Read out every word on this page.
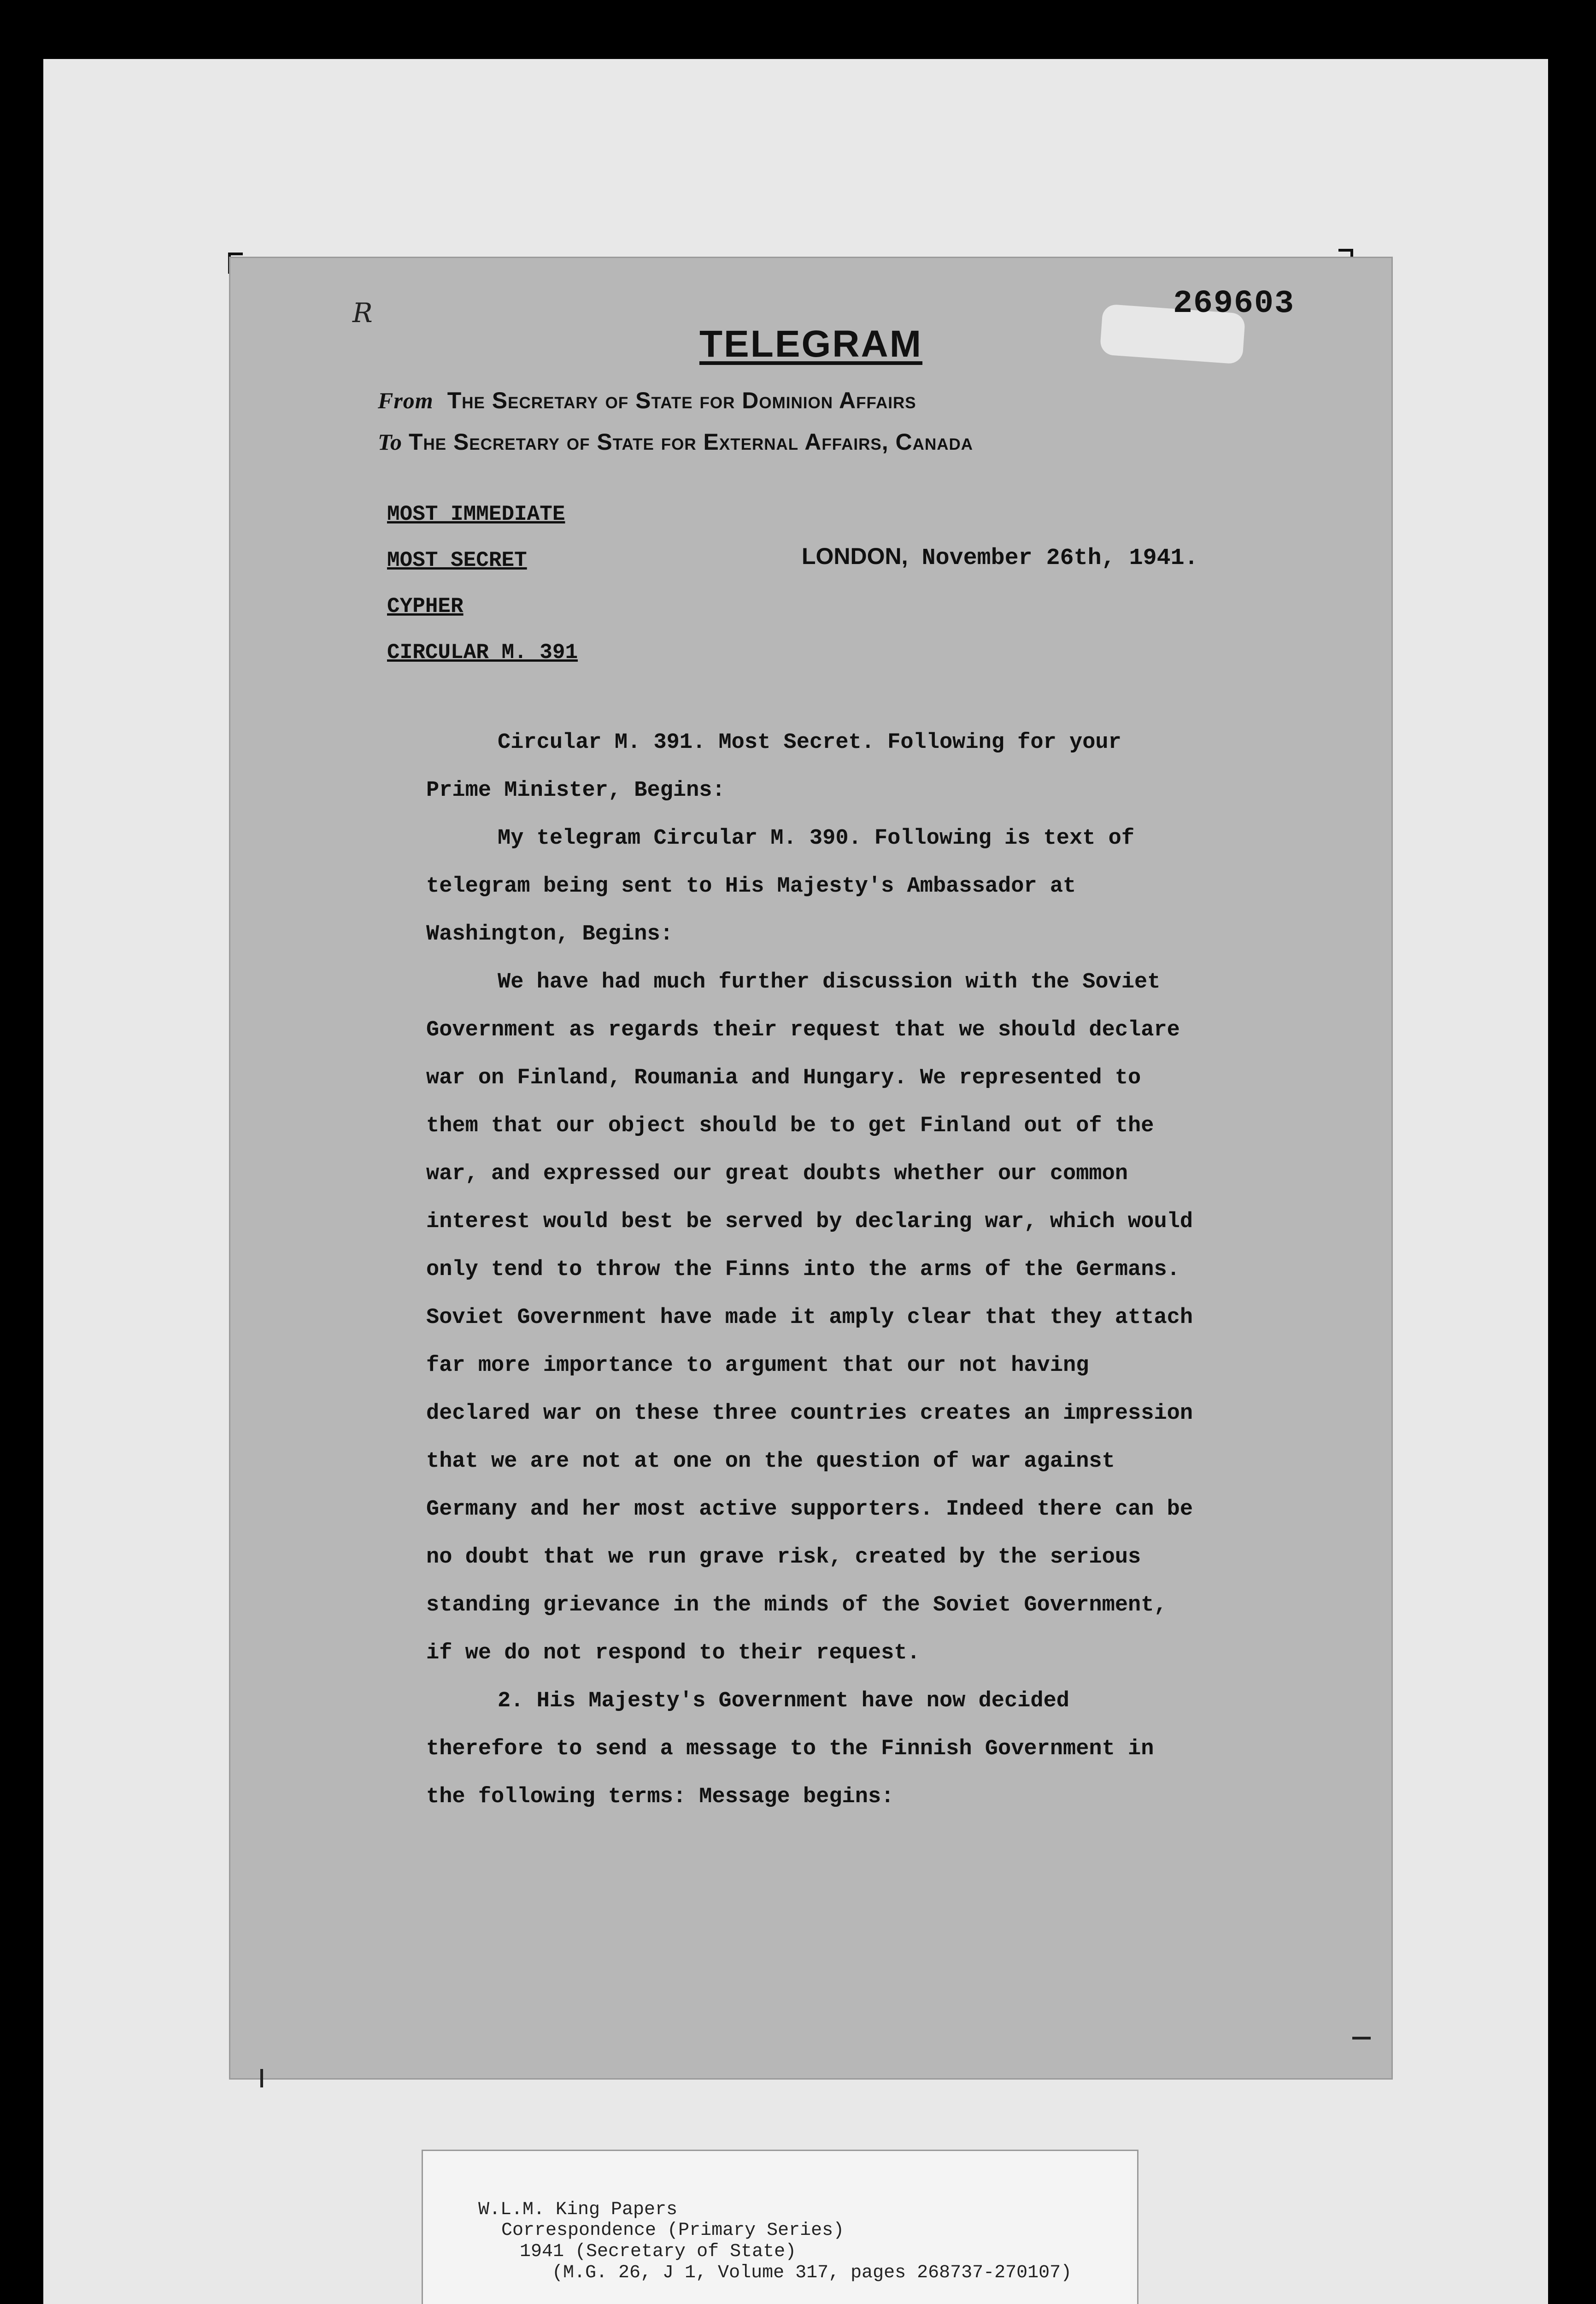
R	269603
TELEGRAM
From The Secretary of State for Dominion Affairs
To The Secretary of State for External Affairs, Canada
MOST IMMEDIATE
MOST SECRET
CYPHER
CIRCULAR M. 391
LONDON, November 26th, 1941.

Circular M. 391. Most Secret. Following for your Prime Minister, Begins:

My telegram Circular M. 390. Following is text of telegram being sent to His Majesty's Ambassador at Washington, Begins:

We have had much further discussion with the Soviet Government as regards their request that we should declare war on Finland, Roumania and Hungary. We represented to them that our object should be to get Finland out of the war, and expressed our great doubts whether our common interest would best be served by declaring war, which would only tend to throw the Finns into the arms of the Germans. Soviet Government have made it amply clear that they attach far more importance to argument that our not having declared war on these three countries creates an impression that we are not at one on the question of war against Germany and her most active supporters. Indeed there can be no doubt that we run grave risk, created by the serious standing grievance in the minds of the Soviet Government, if we do not respond to their request.

2. His Majesty's Government have now decided therefore to send a message to the Finnish Government in the following terms: Message begins:

W.L.M. King Papers
Correspondence (Primary Series)
1941 (Secretary of State)
(M.G. 26, J 1, Volume 317, pages 268737-270107)
